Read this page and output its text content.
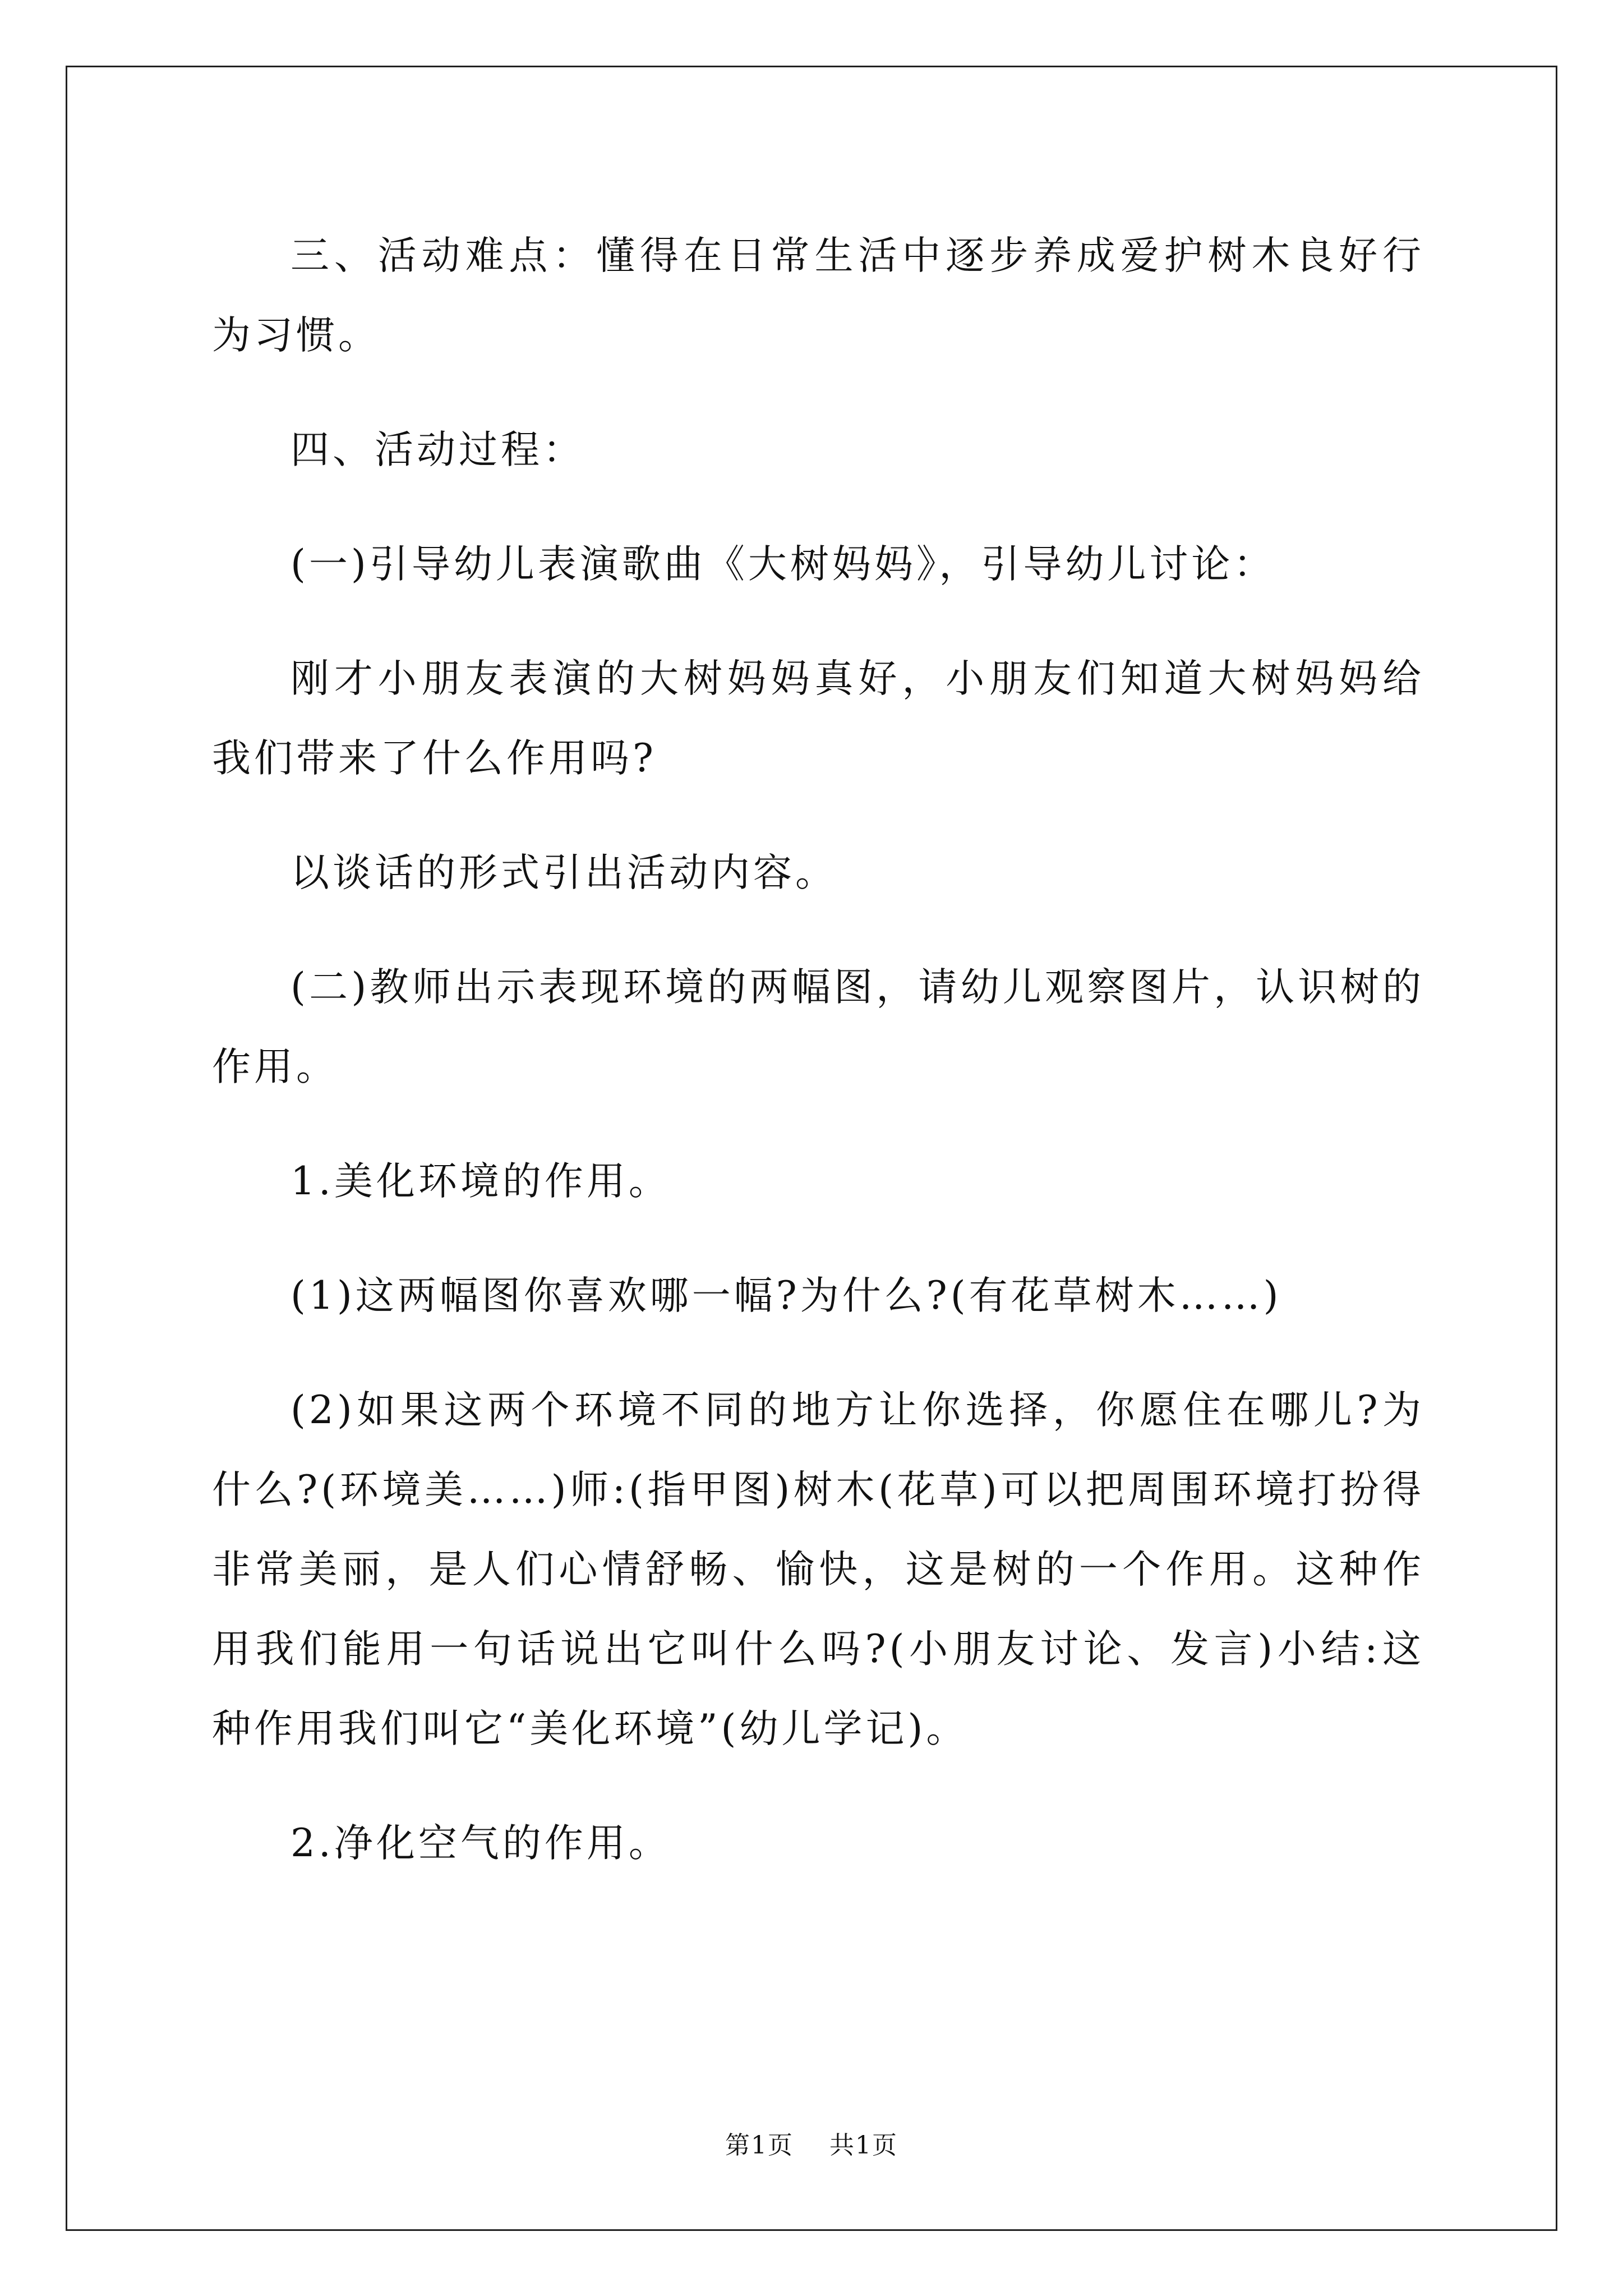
三、活动难点：懂得在日常生活中逐步养成爱护树木良好行为习惯。

四、活动过程：

(一)引导幼儿表演歌曲《大树妈妈》，引导幼儿讨论：

刚才小朋友表演的大树妈妈真好，小朋友们知道大树妈妈给我们带来了什么作用吗?

以谈话的形式引出活动内容。

(二)教师出示表现环境的两幅图，请幼儿观察图片，认识树的作用。

1.美化环境的作用。

(1)这两幅图你喜欢哪一幅?为什么?(有花草树木……)

(2)如果这两个环境不同的地方让你选择，你愿住在哪儿?为什么?(环境美……)师:(指甲图)树木(花草)可以把周围环境打扮得非常美丽，是人们心情舒畅、愉快，这是树的一个作用。这种作用我们能用一句话说出它叫什么吗?(小朋友讨论、发言)小结:这种作用我们叫它“美化环境”(幼儿学记)。

2.净化空气的作用。

第1页 共1页
